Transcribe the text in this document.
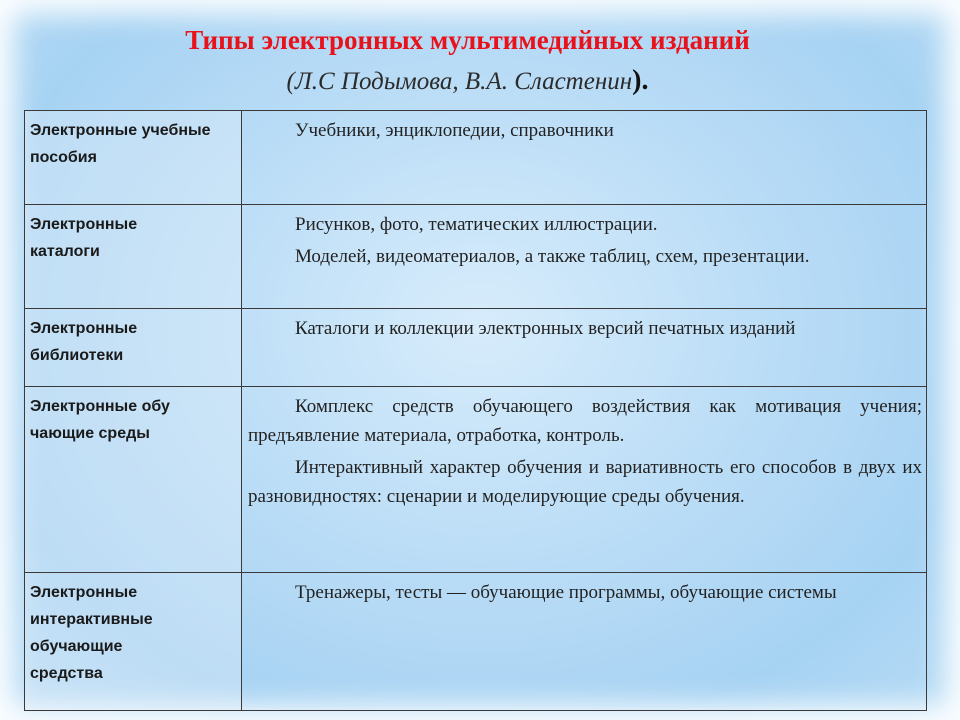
Типы электронных мультимедийных изданий
(Л.С Подымова, В.А. Сластенин).
Электронные учебные пособия	Учебники, энциклопедии, справочники

Электронные каталоги	Рисунков, фото, тематических иллюстрации.

Моделей, видеоматериалов, а также таблиц, схем, презентации.

Электронные библиотеки	Каталоги и коллекции электронных версий печатных изданий

Электронные обу чающие среды	Комплекс средств обучающего воздействия как мотивация учения; предъявление материала, отработка, контроль.

Интерактивный характер обучения и вариативность его способов в двух их разновидностях: сценарии и моделирующие среды обучения.

Электронные интерактивные обучающие средства	Тренажеры, тесты — обучающие программы, обучающие системы
